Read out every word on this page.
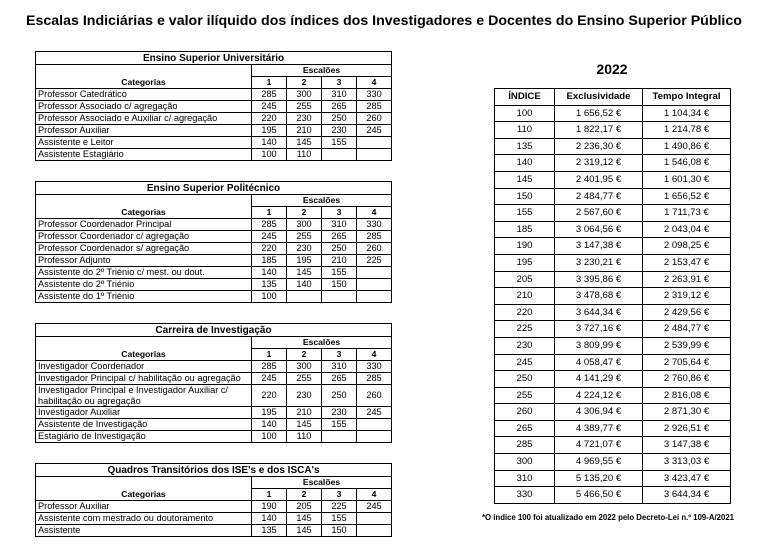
Escalas Indiciárias e valor ilíquido dos índices dos Investigadores e Docentes do Ensino Superior Público
Ensino Superior Universitário				
	Escalões			
Categorias	1	2	3	4
Professor Catedrático	285	300	310	330
Professor Associado c/ agregação	245	255	265	285
Professor Associado e Auxiliar c/ agregação	220	230	250	260
Professor Auxiliar	195	210	230	245
Assistente e Leitor	140	145	155	
Assistente Estagiário	100	110		
Ensino Superior Politécnico				
	Escalões			
Categorias	1	2	3	4
Professor Coordenador Principal	285	300	310	330
Professor Coordenador c/ agregação	245	255	265	285
Professor Coordenador s/ agregação	220	230	250	260
Professor Adjunto	185	195	210	225
Assistente do 2º Triénio c/ mest. ou dout.	140	145	155	
Assistente do 2º Triénio	135	140	150	
Assistente do 1º Triénio	100			
Carreira de Investigação				
	Escalões			
Categorias	1	2	3	4
Investigador Coordenador	285	300	310	330
Investigador Principal c/ habilitação ou agregação	245	255	265	285
Investigador Principal e Investigador Auxiliar c/ habilitação ou agregação	220	230	250	260
Investigador Auxiliar	195	210	230	245
Assistente de Investigação	140	145	155	
Estagiário de Investigação	100	110		
Quadros Transitórios dos ISE's e dos ISCA's				
	Escalões			
Categorias	1	2	3	4
Professor Auxiliar	190	205	225	245
Assistente com mestrado ou doutoramento	140	145	155	
Assistente	135	145	150	
2022
ÍNDICE	Exclusividade	Tempo Integral
100	1 656,52 €	1 104,34 €
110	1 822,17 €	1 214,78 €
135	2 236,30 €	1 490,86 €
140	2 319,12 €	1 546,08 €
145	2 401,95 €	1 601,30 €
150	2 484,77 €	1 656,52 €
155	2 567,60 €	1 711,73 €
185	3 064,56 €	2 043,04 €
190	3 147,38 €	2 098,25 €
195	3 230,21 €	2 153,47 €
205	3 395,86 €	2 263,91 €
210	3 478,68 €	2 319,12 €
220	3 644,34 €	2 429,56 €
225	3 727,16 €	2 484,77 €
230	3 809,99 €	2 539,99 €
245	4 058,47 €	2 705,64 €
250	4 141,29 €	2 760,86 €
255	4 224,12 €	2 816,08 €
260	4 306,94 €	2 871,30 €
265	4 389,77 €	2 926,51 €
285	4 721,07 €	3 147,38 €
300	4 969,55 €	3 313,03 €
310	5 135,20 €	3 423,47 €
330	5 466,50 €	3 644,34 €
*O índice 100 foi atualizado em 2022 pelo Decreto-Lei n.º 109-A/2021
